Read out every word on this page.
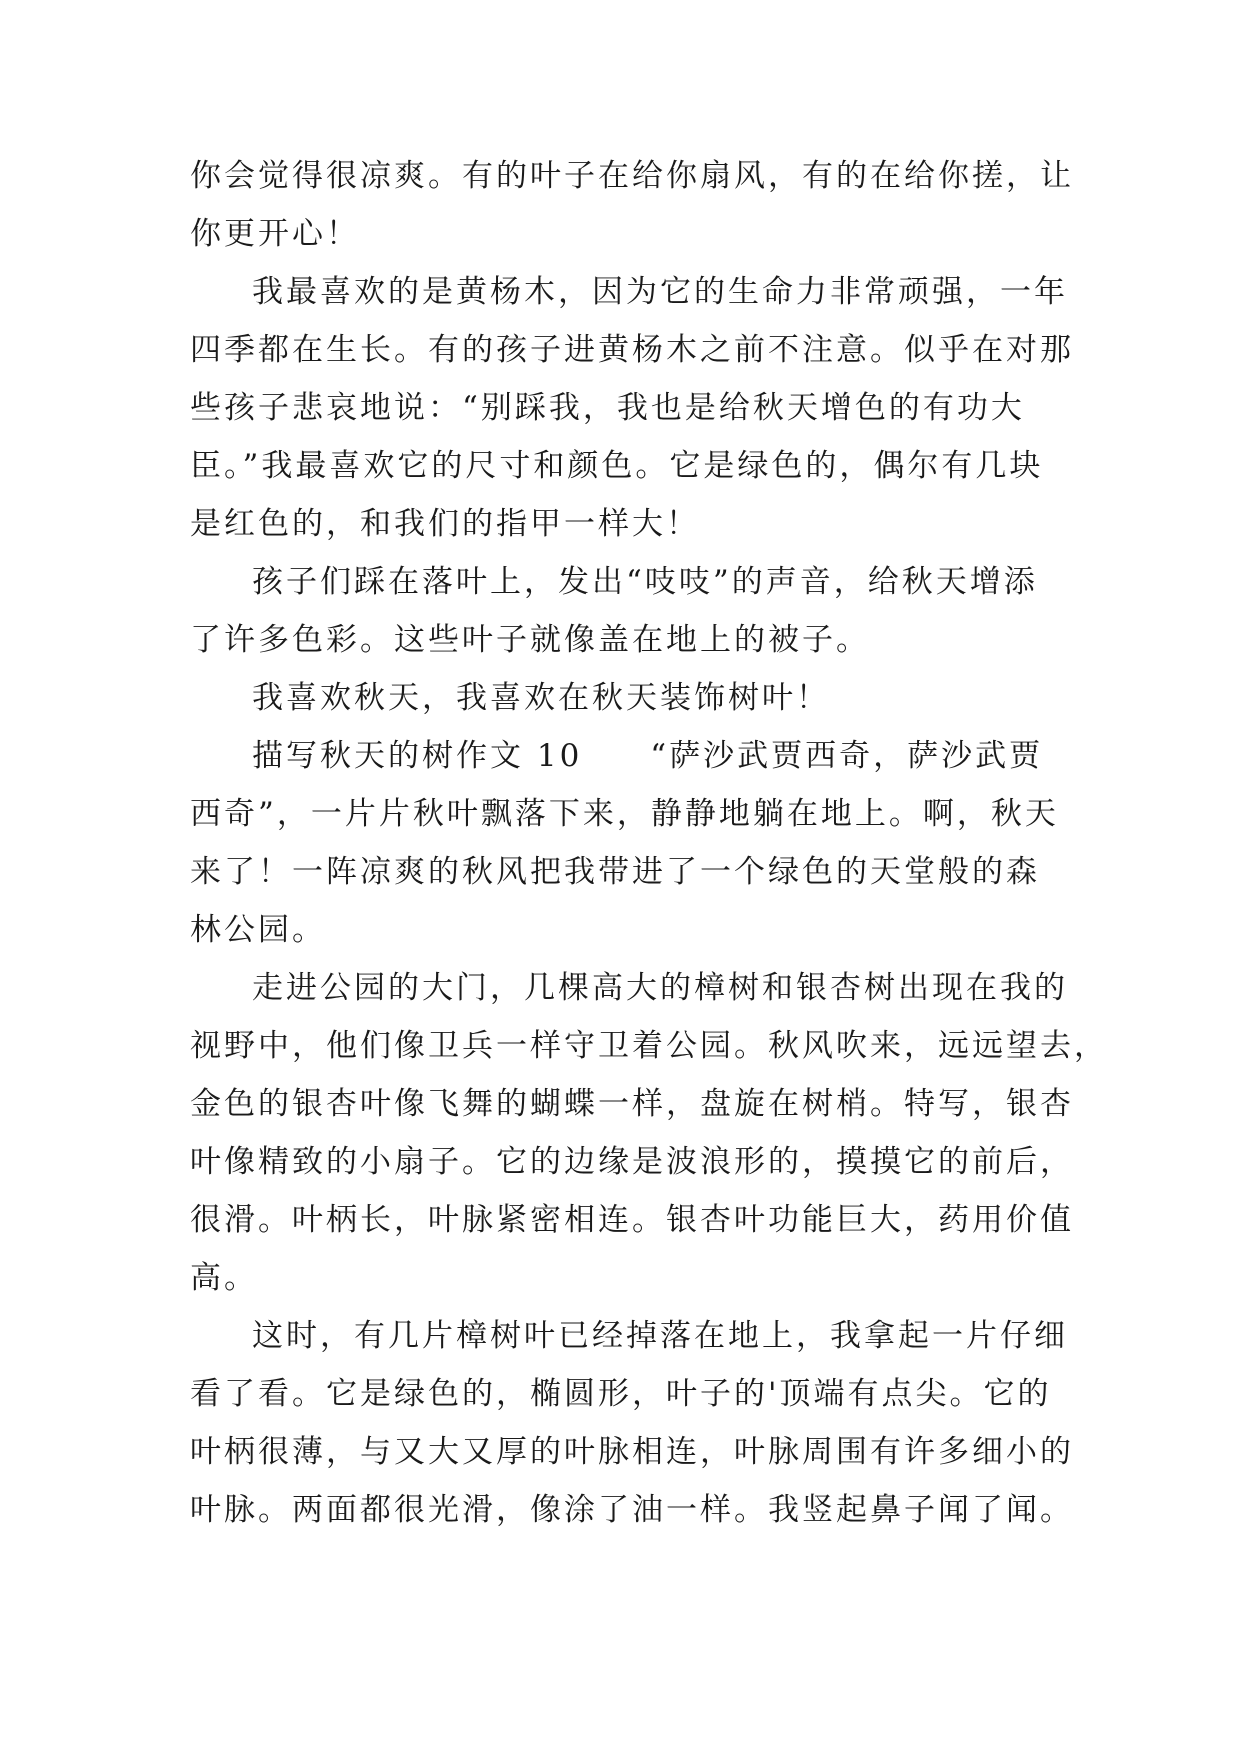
你会觉得很凉爽。有的叶子在给你扇风，有的在给你搓，让
你更开心！
我最喜欢的是黄杨木，因为它的生命力非常顽强，一年
四季都在生长。有的孩子进黄杨木之前不注意。似乎在对那
些孩子悲哀地说：“别踩我，我也是给秋天增色的有功大
臣。”我最喜欢它的尺寸和颜色。它是绿色的，偶尔有几块
是红色的，和我们的指甲一样大！
孩子们踩在落叶上，发出“吱吱”的声音，给秋天增添
了许多色彩。这些叶子就像盖在地上的被子。
我喜欢秋天，我喜欢在秋天装饰树叶！
描写秋天的树作文 10　　“萨沙武贾西奇，萨沙武贾
西奇”，一片片秋叶飘落下来，静静地躺在地上。啊，秋天
来了！一阵凉爽的秋风把我带进了一个绿色的天堂般的森
林公园。
走进公园的大门，几棵高大的樟树和银杏树出现在我的
视野中，他们像卫兵一样守卫着公园。秋风吹来，远远望去，
金色的银杏叶像飞舞的蝴蝶一样，盘旋在树梢。特写，银杏
叶像精致的小扇子。它的边缘是波浪形的，摸摸它的前后，
很滑。叶柄长，叶脉紧密相连。银杏叶功能巨大，药用价值
高。
这时，有几片樟树叶已经掉落在地上，我拿起一片仔细
看了看。它是绿色的，椭圆形，叶子的'顶端有点尖。它的
叶柄很薄，与又大又厚的叶脉相连，叶脉周围有许多细小的
叶脉。两面都很光滑，像涂了油一样。我竖起鼻子闻了闻。
